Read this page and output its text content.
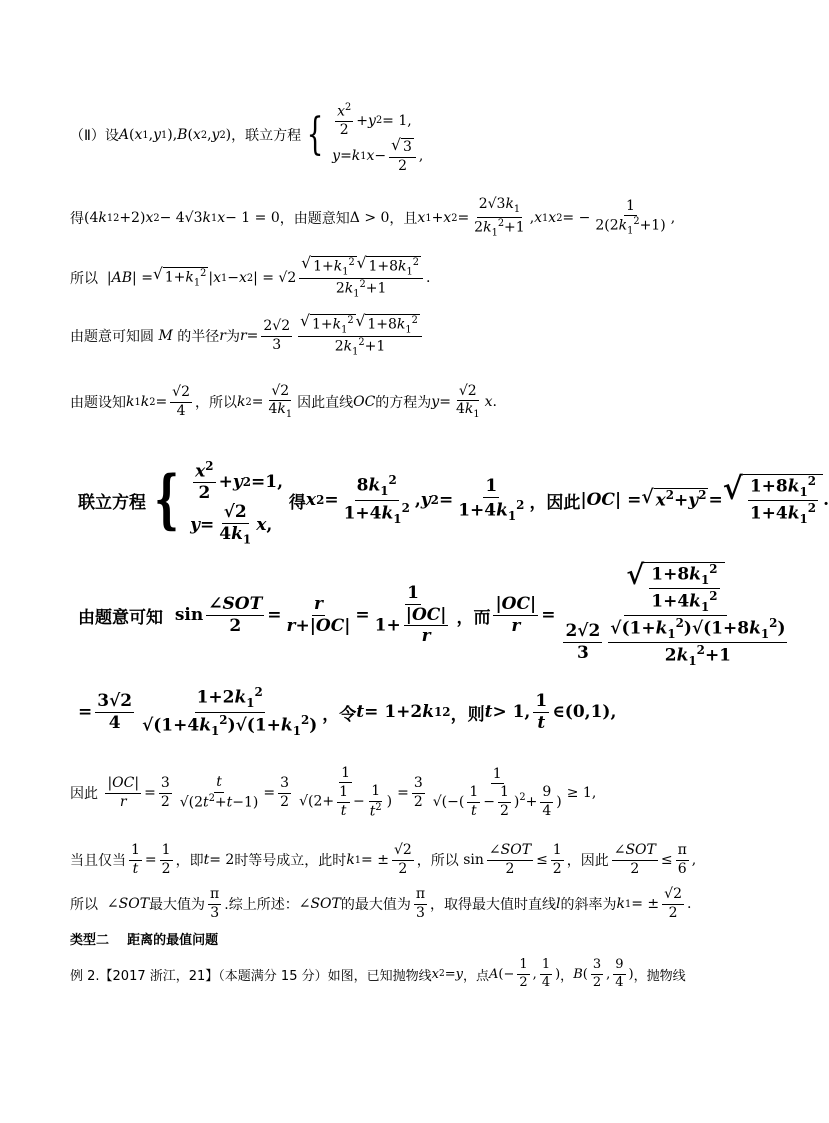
（Ⅱ）设 A ( x 1 , y 1 ), B ( x 2 , y 2 ) ，联立方程 { $\frac{x^2}{2} + y$ 2 = 1,
y = k 1 $x - \frac{√ 3}{2}$ ,
得 (4 k 1 2 +2) x 2 − 4√3 k 1 x − 1 = 0 ，由题意知 Δ > 0 ，且 x 1 + x $2 = \frac{2√3k_1}{2k_1^2+1}$ , x 1 x 2 = − $\frac{1}{2(2k_1^2+1)}$ ,
所以 | AB | = √ $1+k_1^2$ | x 1 − x 2 | = $√2 \frac{√ 1+k_1^2 √ 1+8k_1^2}{2k_1^2+1}$ .
由题意可知圆 M 的半径 r 为 $r = \frac{2√2}{3} \frac{√ 1+k_1^2 √ 1+8k_1^2}{2k_1^2+1}$
由题设知 k 1 k $2 = \frac{√2}{4}$ ，所以 k $2 = \frac{√2}{4k_1}$ 因此直线 OC 的方程为 $y = \frac{√2}{4k_1}$ x .
联立方程 { $\frac{x^2}{2} + y$ 2 =1,
$y = \frac{√2}{4k_1}$ x ,

得 x $2 = \frac{8k_1^2}{1+4k_1^2}$ , y $2 = \frac{1}{1+4k_1^2}$ ，因此 | OC | = √ $x^2+y^2$ = √ $\frac{1+8k_1^2}{1+4k_1^2}$ .
由题意可知 $\sin \frac{\text{∠SOT}}{2} = \frac{r}{r+|OC|} = \frac{1}{1+ \frac{|OC|}{r}}$ ，而 $\frac{|OC|}{r} = \frac{√ \frac{1+8k_1^2}{1+4k_1^2}}{\frac{2√2}{3} \frac{√(1+k_1^2)√(1+8k_1^2)}{2k_1^2+1}}$
= $\frac{3√2}{4} \frac{1+2k_1^2}{√(1+4k_1^2)√(1+k_1^2)}$ ，令 t = 1+2 k 1 2 ，则 t > 1, $\frac{1}{t}$ ∈(0,1),
因此
$\frac{|OC|}{r} = \frac{3}{2} \frac{t}{√(2t^2+t-1)} = \frac{3}{2} \frac{1}{√(2+ \frac{1}{t} - \frac{1}{t^2} )} = \frac{3}{2} \frac{1}{√(-( \frac{1}{t} - \frac{1}{2} )^2+ \frac{9}{4} )} \ge 1$,
当且仅当 $\frac{1}{t} = \frac{1}{2}$ ，即 t = 2 时等号成立，此时 k 1 = ± $\frac{√2}{2}$ ，所以 $\sin \frac{\text{∠SOT}}{2} \le \frac{1}{2}$ ，因此 $\frac{\text{∠SOT}}{2} \le \frac{\pi}{6}$ ,
所以 ∠ SOT 最大值为 $\frac{\pi}{3}$ .综上所述： ∠ SOT 的最大值为 $\frac{\pi}{3}$ ，取得最大值时直线 l 的斜率为 k 1 = ± $\frac{√2}{2}$ .
类型二
距离的最值问题
例 2.【2017 浙江，21】（本题满分 15 分）如图，已知抛物线 x 2 = y ，点 A (− $\frac{1}{2}$ , $\frac{1}{4}$ ) ， B ( $\frac{3}{2}$ , $\frac{9}{4}$ ) ，抛物线
